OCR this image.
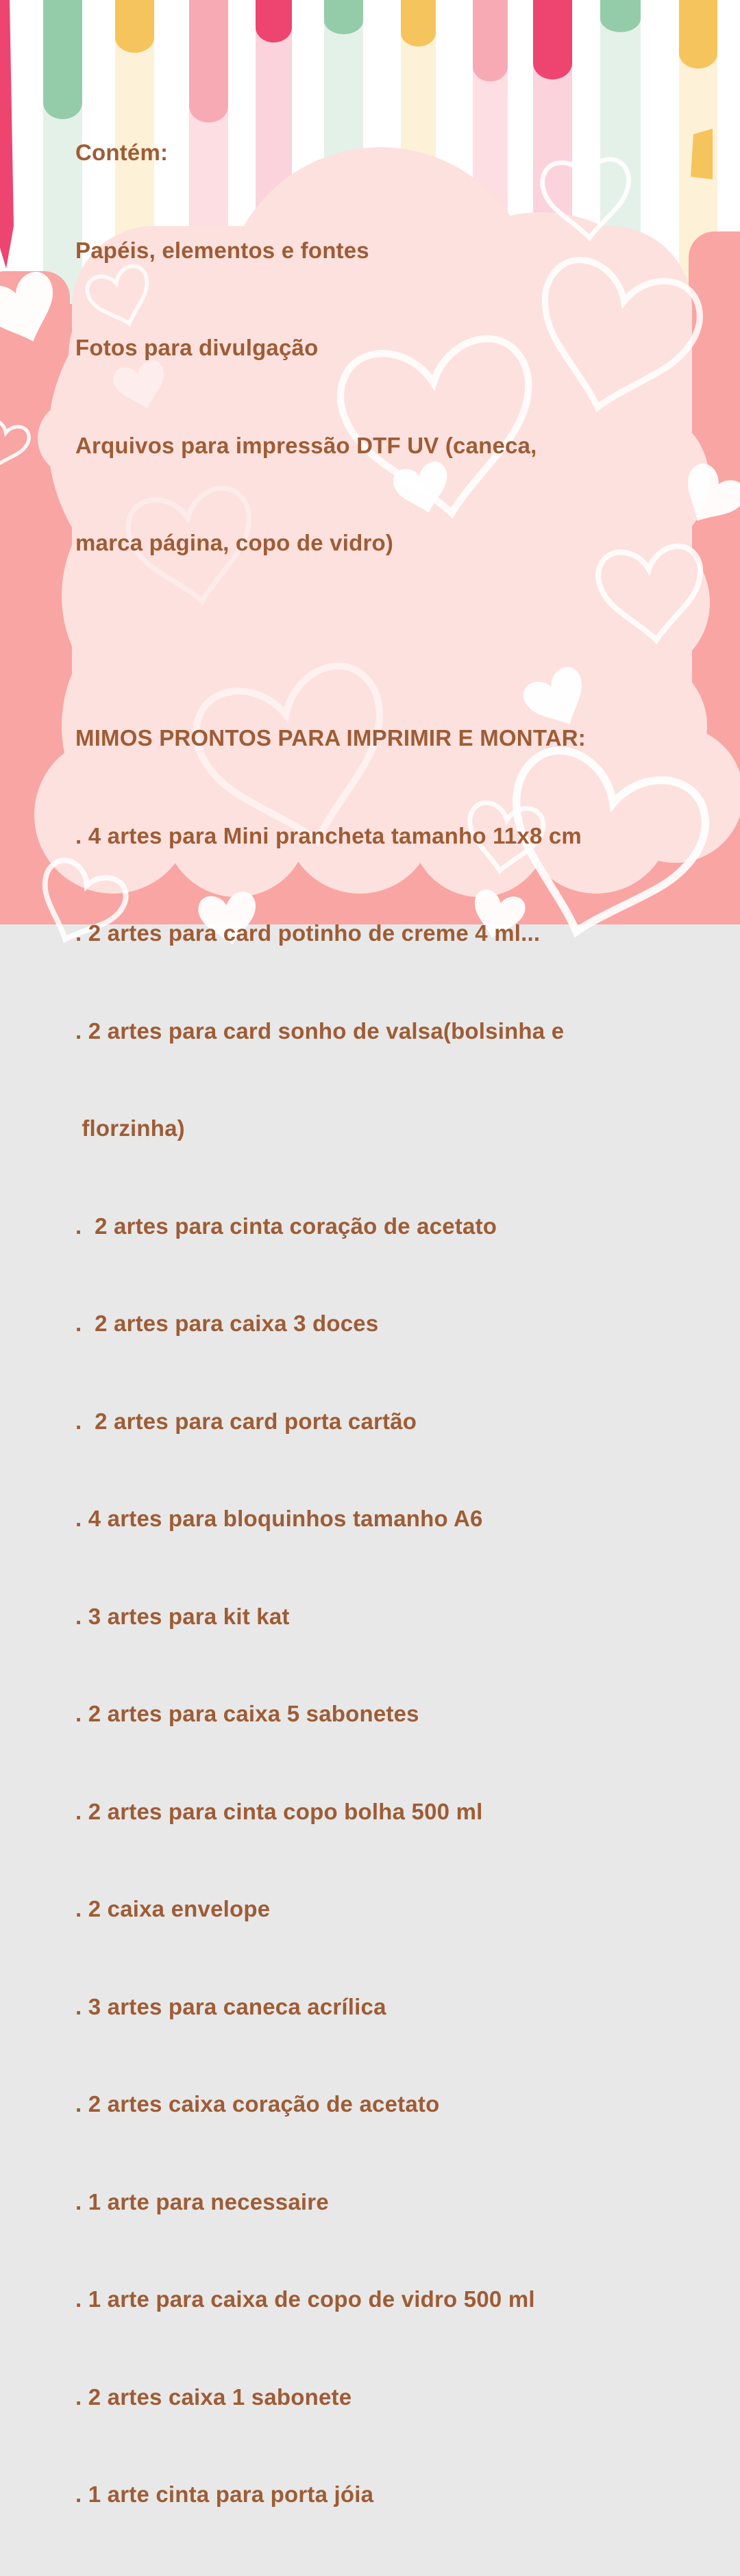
Contém:

Papéis, elementos e fontes

Fotos para divulgação

Arquivos para impressão DTF UV (caneca,

marca página, copo de vidro)

MIMOS PRONTOS PARA IMPRIMIR E MONTAR:

. 4 artes para Mini prancheta tamanho 11x8 cm

. 2 artes para card potinho de creme 4 ml...

. 2 artes para card sonho de valsa(bolsinha e

florzinha)

.  2 artes para cinta coração de acetato

.  2 artes para caixa 3 doces

.  2 artes para card porta cartão

. 4 artes para bloquinhos tamanho A6

. 3 artes para kit kat

. 2 artes para caixa 5 sabonetes

. 2 artes para cinta copo bolha 500 ml

. 2 caixa envelope

. 3 artes para caneca acrílica

. 2 artes caixa coração de acetato

. 1 arte para necessaire

. 1 arte para caixa de copo de vidro 500 ml

. 2 artes caixa 1 sabonete

. 1 arte cinta para porta jóia
